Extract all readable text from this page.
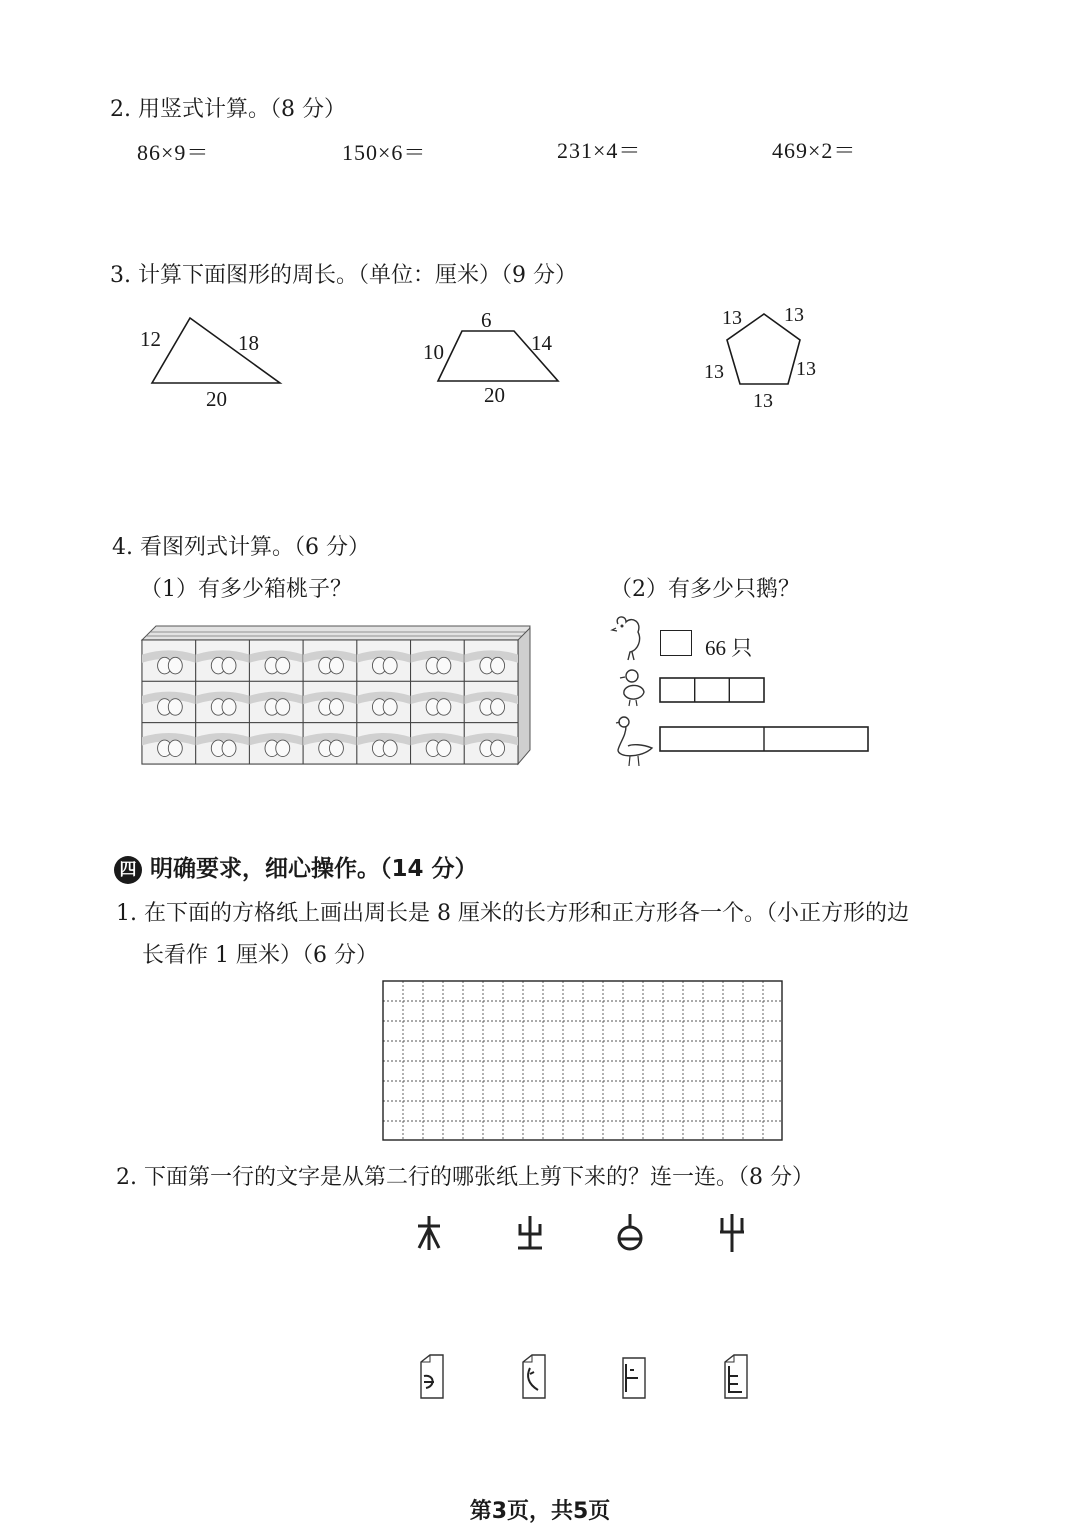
2. 用竖式计算。（8 分）
86×9＝	150×6＝	231×4＝	469×2＝
3. 计算下面图形的周长。（单位：厘米）（9 分）
12	18
20
6
10	14
20
13 13
13	13
13
4. 看图列式计算。（6 分）
（1）有多少箱桃子？	（2）有多少只鹅？
66 只
四 明确要求，细心操作。（14 分）
1. 在下面的方格纸上画出周长是 8 厘米的长方形和正方形各一个。（小正方形的边
长看作 1 厘米）（6 分）
2. 下面第一行的文字是从第二行的哪张纸上剪下来的？连一连。（8 分）
第3页，共5页
